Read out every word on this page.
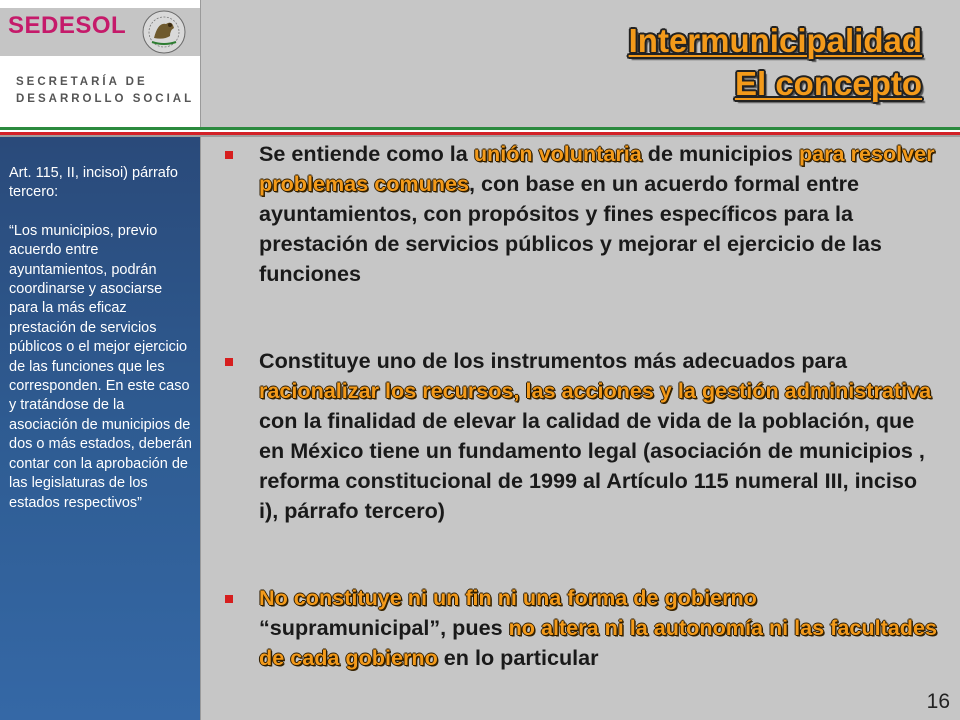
SEDESOL
SECRETARÍA DE
DESARROLLO SOCIAL
Intermunicipalidad
El concepto

Art. 115, II, incisoi) párrafo tercero:

“Los municipios, previo acuerdo entre ayuntamientos, podrán coordinarse y asociarse para la más eficaz prestación de servicios públicos o el mejor ejercicio de las funciones que les corresponden. En este caso y tratándose de la asociación de municipios de dos o más estados, deberán contar con la aprobación de las legislaturas de los estados respectivos”

Se entiende como la unión voluntaria de municipios para resolver problemas comunes, con base en un acuerdo formal entre ayuntamientos, con propósitos y fines específicos para la prestación de servicios públicos y mejorar el ejercicio de las funciones
Constituye uno de los instrumentos más adecuados para racionalizar los recursos, las acciones y la gestión administrativa con la finalidad de elevar la calidad de vida de la población, que en México tiene un fundamento legal (asociación de municipios , reforma constitucional de 1999 al Artículo 115 numeral III, inciso i), párrafo tercero)
No constituye ni un fin ni una forma de gobierno “supramunicipal”, pues no altera ni la autonomía ni las facultades de cada gobierno en lo particular
16
